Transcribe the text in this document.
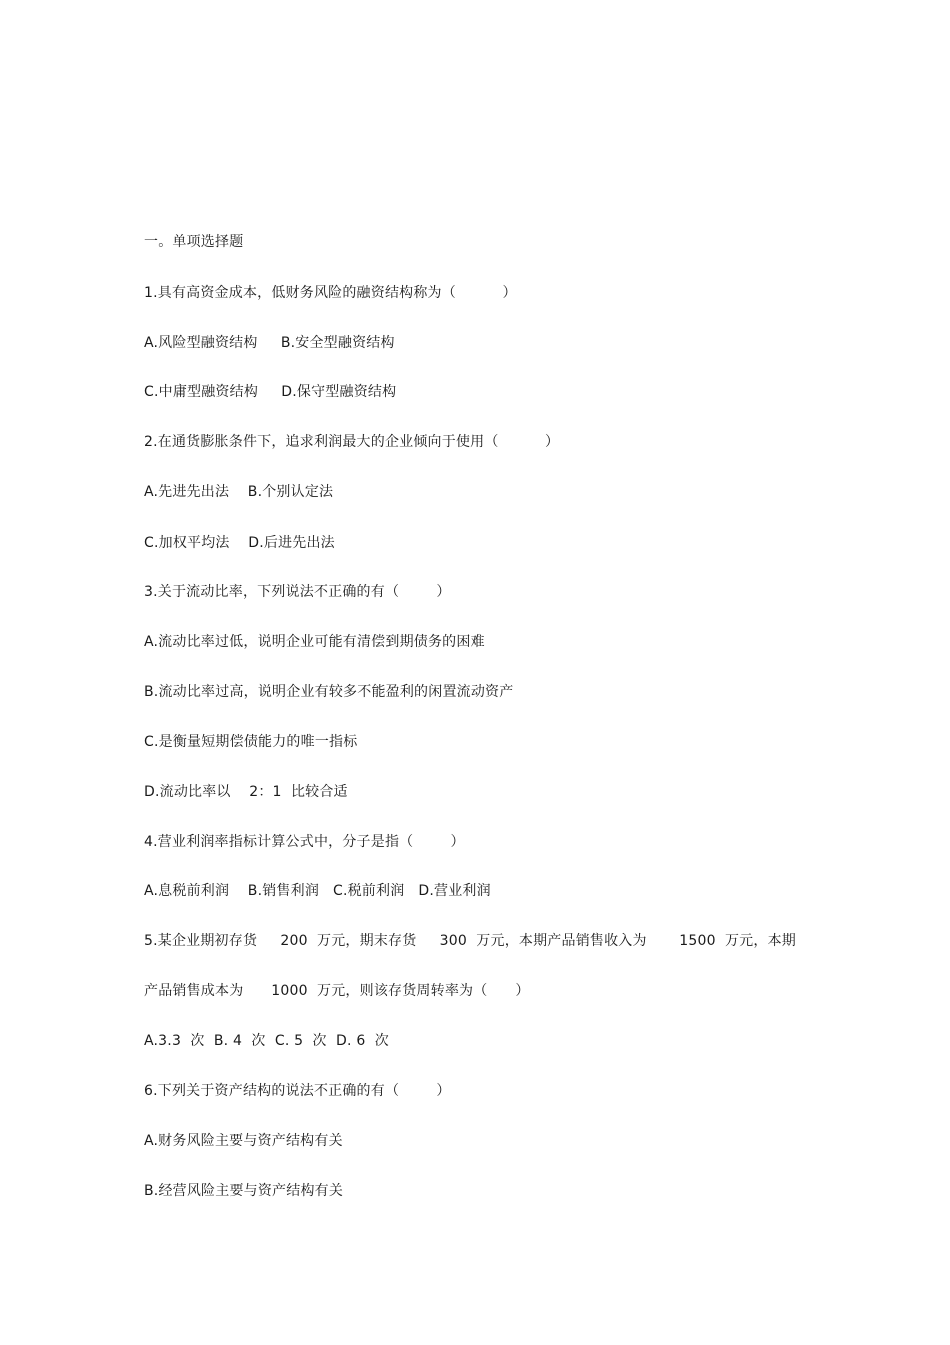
一。单项选择题
1.具有高资金成本，低财务风险的融资结构称为（          ）
A.风险型融资结构     B.安全型融资结构
C.中庸型融资结构     D.保守型融资结构
2.在通货膨胀条件下，追求利润最大的企业倾向于使用（          ）
A.先进先出法    B.个别认定法
C.加权平均法    D.后进先出法
3.关于流动比率，下列说法不正确的有（        ）
A.流动比率过低，说明企业可能有清偿到期债务的困难
B.流动比率过高，说明企业有较多不能盈利的闲置流动资产
C.是衡量短期偿债能力的唯一指标
D.流动比率以    2：1  比较合适
4.营业利润率指标计算公式中，分子是指（        ）
A.息税前利润    B.销售利润   C.税前利润   D.营业利润
5.某企业期初存货     200  万元，期末存货     300  万元，本期产品销售收入为       1500  万元，本期
产品销售成本为      1000  万元，则该存货周转率为（      ）
A.3.3  次  B. 4  次  C. 5  次  D. 6  次
6.下列关于资产结构的说法不正确的有（        ）
A.财务风险主要与资产结构有关
B.经营风险主要与资产结构有关
